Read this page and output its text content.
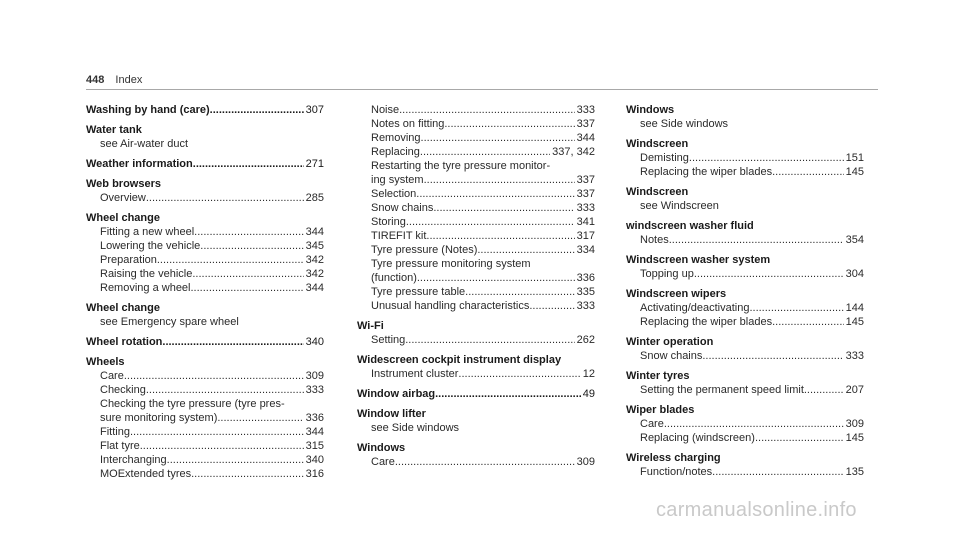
448 Index
Washing by hand (care) .....	307
Water tank
see Air-water duct
Weather information .....	271
Web browsers
Overview .....	285
Wheel change
Fitting a new wheel .....	344
Lowering the vehicle .....	345
Preparation .....	342
Raising the vehicle .....	342
Removing a wheel .....	344
Wheel change
see Emergency spare wheel
Wheel rotation .....	340
Wheels
Care .....	309
Checking .....	333
Checking the tyre pressure (tyre pres-
sure monitoring system) .....	336
Fitting .....	344
Flat tyre .....	315
Interchanging .....	340
MOExtended tyres .....	316
Noise .....	333
Notes on fitting .....	337
Removing .....	344
Replacing .....	337, 342
Restarting the tyre pressure monitor-
ing system .....	337
Selection .....	337
Snow chains .....	333
Storing .....	341
TIREFIT kit .....	317
Tyre pressure (Notes) .....	334
Tyre pressure monitoring system
(function) .....	336
Tyre pressure table .....	335
Unusual handling characteristics .....	333
Wi-Fi
Setting .....	262
Widescreen cockpit instrument display
Instrument cluster .....	12
Window airbag .....	49
Window lifter
see Side windows
Windows
Care .....	309
Windows
see Side windows
Windscreen
Demisting .....	151
Replacing the wiper blades .....	145
Windscreen
see Windscreen
windscreen washer fluid
Notes .....	354
Windscreen washer system
Topping up .....	304
Windscreen wipers
Activating/deactivating .....	144
Replacing the wiper blades .....	145
Winter operation
Snow chains .....	333
Winter tyres
Setting the permanent speed limit .....	207
Wiper blades
Care .....	309
Replacing (windscreen) .....	145
Wireless charging
Function/notes .....	135
carmanualsonline.info
